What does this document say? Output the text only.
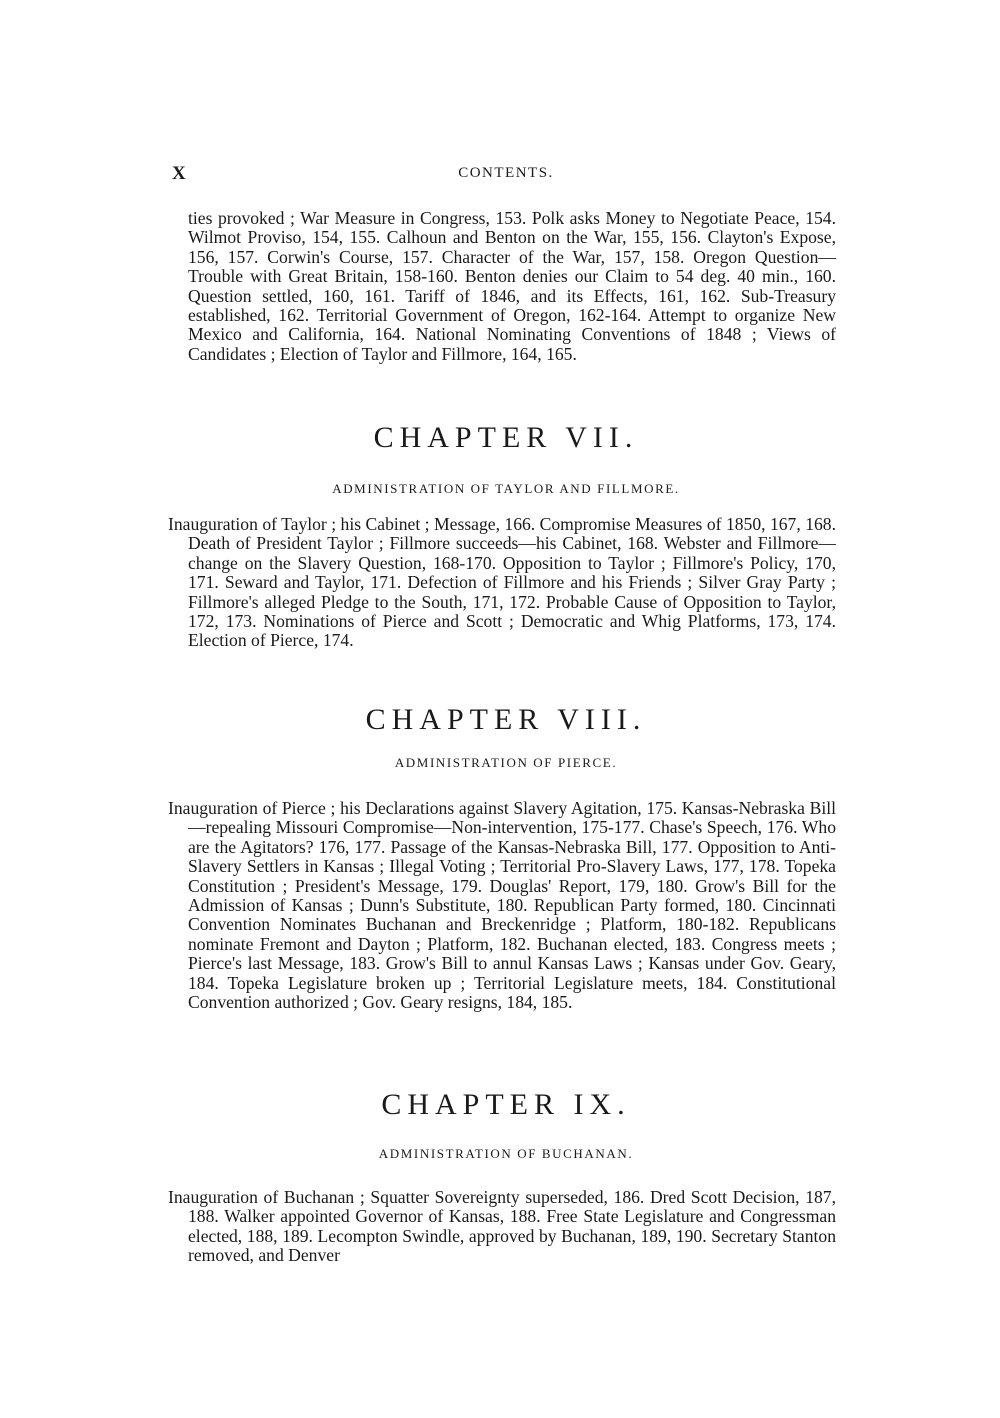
X	CONTENTS.

ties provoked ; War Measure in Congress, 153. Polk asks Money to Negotiate Peace, 154. Wilmot Proviso, 154, 155. Calhoun and Benton on the War, 155, 156. Clayton's Expose, 156, 157. Corwin's Course, 157. Character of the War, 157, 158. Oregon Question—Trouble with Great Britain, 158-160. Benton denies our Claim to 54 deg. 40 min., 160. Question settled, 160, 161. Tariff of 1846, and its Effects, 161, 162. Sub-Treasury established, 162. Territorial Government of Oregon, 162-164. Attempt to organize New Mexico and California, 164. National Nominating Conventions of 1848 ; Views of Candidates ; Election of Taylor and Fillmore, 164, 165.

CHAPTER VII.

ADMINISTRATION OF TAYLOR AND FILLMORE.

Inauguration of Taylor ; his Cabinet ; Message, 166. Compromise Measures of 1850, 167, 168. Death of President Taylor ; Fillmore succeeds—his Cabinet, 168. Webster and Fillmore—change on the Slavery Question, 168-170. Opposition to Taylor ; Fillmore's Policy, 170, 171. Seward and Taylor, 171. Defection of Fillmore and his Friends ; Silver Gray Party ; Fillmore's alleged Pledge to the South, 171, 172. Probable Cause of Opposition to Taylor, 172, 173. Nominations of Pierce and Scott ; Democratic and Whig Platforms, 173, 174. Election of Pierce, 174.

CHAPTER VIII.

ADMINISTRATION OF PIERCE.

Inauguration of Pierce ; his Declarations against Slavery Agitation, 175. Kansas-Nebraska Bill—repealing Missouri Compromise—Non-intervention, 175-177. Chase's Speech, 176. Who are the Agitators? 176, 177. Passage of the Kansas-Nebraska Bill, 177. Opposition to Anti-Slavery Settlers in Kansas ; Illegal Voting ; Territorial Pro-Slavery Laws, 177, 178. Topeka Constitution ; President's Message, 179. Douglas' Report, 179, 180. Grow's Bill for the Admission of Kansas ; Dunn's Substitute, 180. Republican Party formed, 180. Cincinnati Convention Nominates Buchanan and Breckenridge ; Platform, 180-182. Republicans nominate Fremont and Dayton ; Platform, 182. Buchanan elected, 183. Congress meets ; Pierce's last Message, 183. Grow's Bill to annul Kansas Laws ; Kansas under Gov. Geary, 184. Topeka Legislature broken up ; Territorial Legislature meets, 184. Constitutional Convention authorized ; Gov. Geary resigns, 184, 185.

CHAPTER IX.

ADMINISTRATION OF BUCHANAN.

Inauguration of Buchanan ; Squatter Sovereignty superseded, 186. Dred Scott Decision, 187, 188. Walker appointed Governor of Kansas, 188. Free State Legislature and Congressman elected, 188, 189. Lecompton Swindle, approved by Buchanan, 189, 190. Secretary Stanton removed, and Denver
